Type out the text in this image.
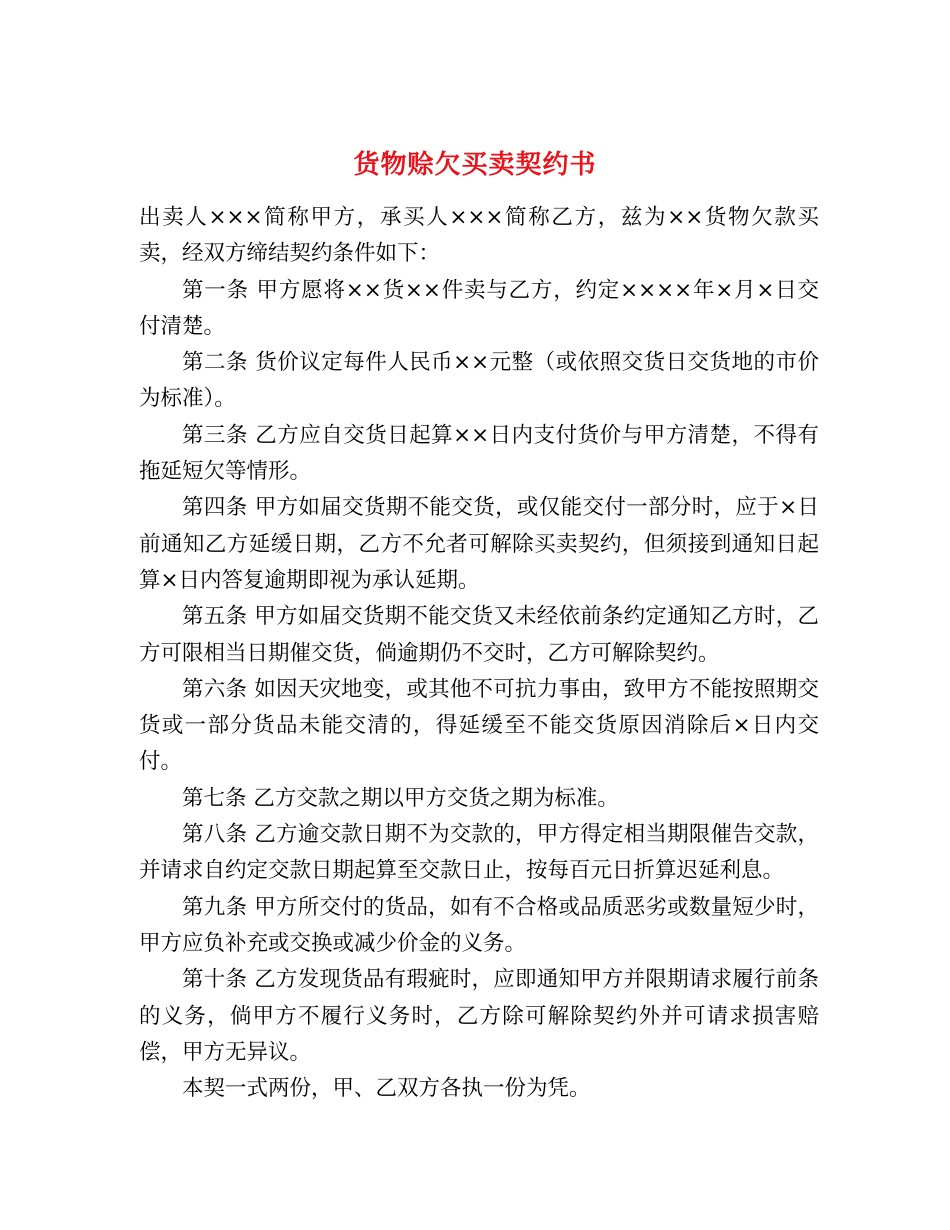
货物赊欠买卖契约书

出卖人×××简称甲方，承买人×××简称乙方，兹为××货物欠款买卖，经双方缔结契约条件如下：

第一条 甲方愿将××货××件卖与乙方，约定××××年×月×日交付清楚。

第二条 货价议定每件人民币××元整（或依照交货日交货地的市价为标准）。

第三条 乙方应自交货日起算××日内支付货价与甲方清楚，不得有拖延短欠等情形。

第四条 甲方如届交货期不能交货，或仅能交付一部分时，应于×日前通知乙方延缓日期，乙方不允者可解除买卖契约，但须接到通知日起算×日内答复逾期即视为承认延期。

第五条 甲方如届交货期不能交货又未经依前条约定通知乙方时，乙方可限相当日期催交货，倘逾期仍不交时，乙方可解除契约。

第六条 如因天灾地变，或其他不可抗力事由，致甲方不能按照期交货或一部分货品未能交清的，得延缓至不能交货原因消除后×日内交付。

第七条 乙方交款之期以甲方交货之期为标准。

第八条 乙方逾交款日期不为交款的，甲方得定相当期限催告交款，并请求自约定交款日期起算至交款日止，按每百元日折算迟延利息。

第九条 甲方所交付的货品，如有不合格或品质恶劣或数量短少时，甲方应负补充或交换或减少价金的义务。

第十条 乙方发现货品有瑕疵时，应即通知甲方并限期请求履行前条的义务，倘甲方不履行义务时，乙方除可解除契约外并可请求损害赔偿，甲方无异议。

本契一式两份，甲、乙双方各执一份为凭。
